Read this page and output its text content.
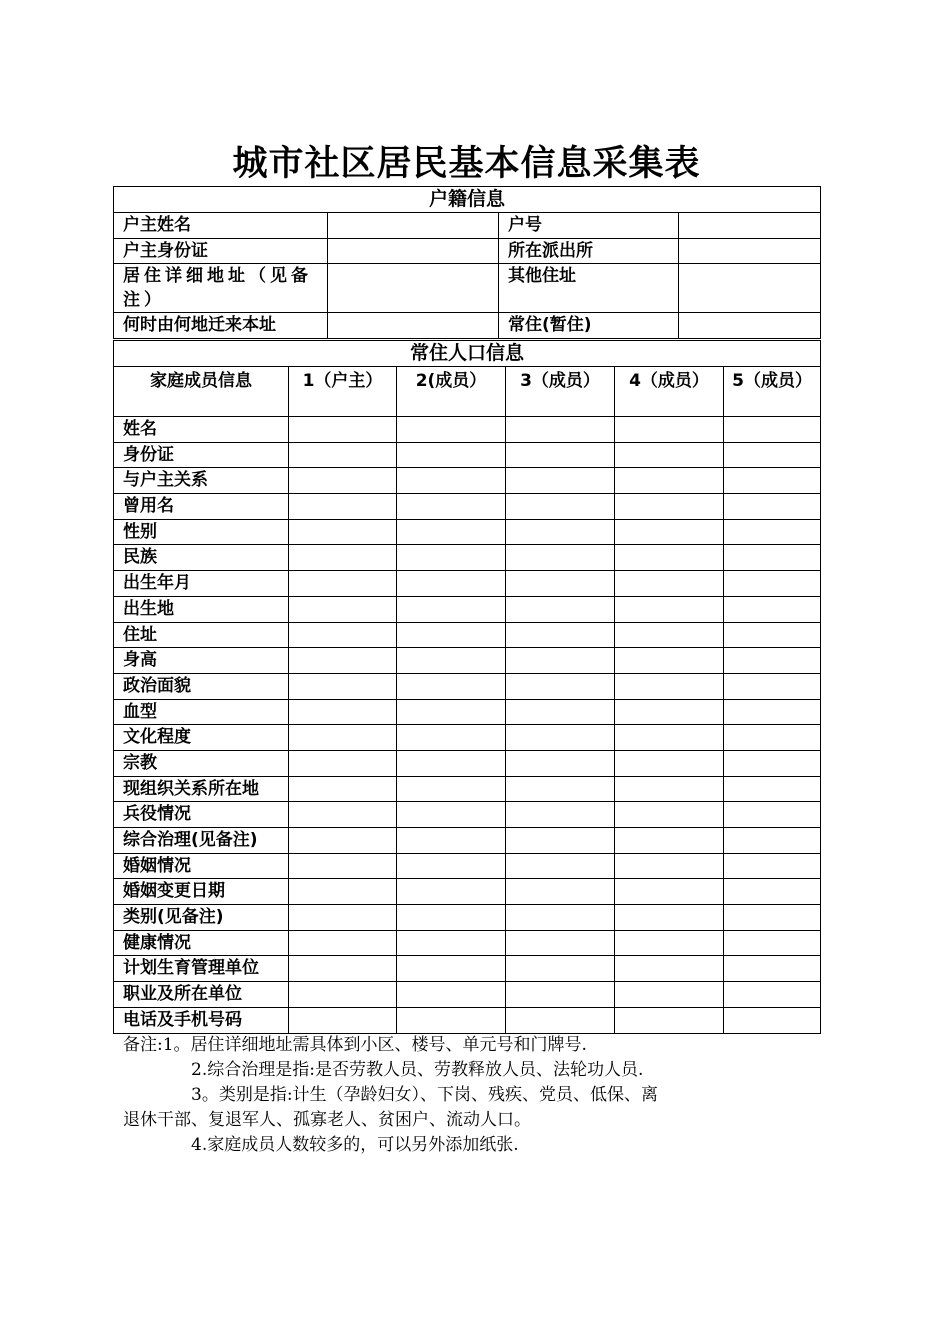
城市社区居民基本信息采集表
户籍信息			
户主姓名		户号	
户主身份证		所在派出所	
居住详细地址（见备注）		其他住址	
何时由何地迁来本址		常住(暂住)	
常住人口信息					
家庭成员信息	1（户主）	2(成员）	3（成员）	4（成员）	5（成员）
姓名					
身份证					
与户主关系					
曾用名					
性别					
民族					
出生年月					
出生地					
住址					
身高					
政治面貌					
血型					
文化程度					
宗教					
现组织关系所在地					
兵役情况					
综合治理(见备注)					
婚姻情况					
婚姻变更日期					
类别(见备注)					
健康情况					
计划生育管理单位					
职业及所在单位					
电话及手机号码					
备注:1。居住详细地址需具体到小区、楼号、单元号和门牌号.
2.综合治理是指:是否劳教人员、劳教释放人员、法轮功人员.
3。类别是指:计生（孕龄妇女）、下岗、残疾、党员、低保、离
退休干部、复退军人、孤寡老人、贫困户、流动人口。
4.家庭成员人数较多的，可以另外添加纸张.
